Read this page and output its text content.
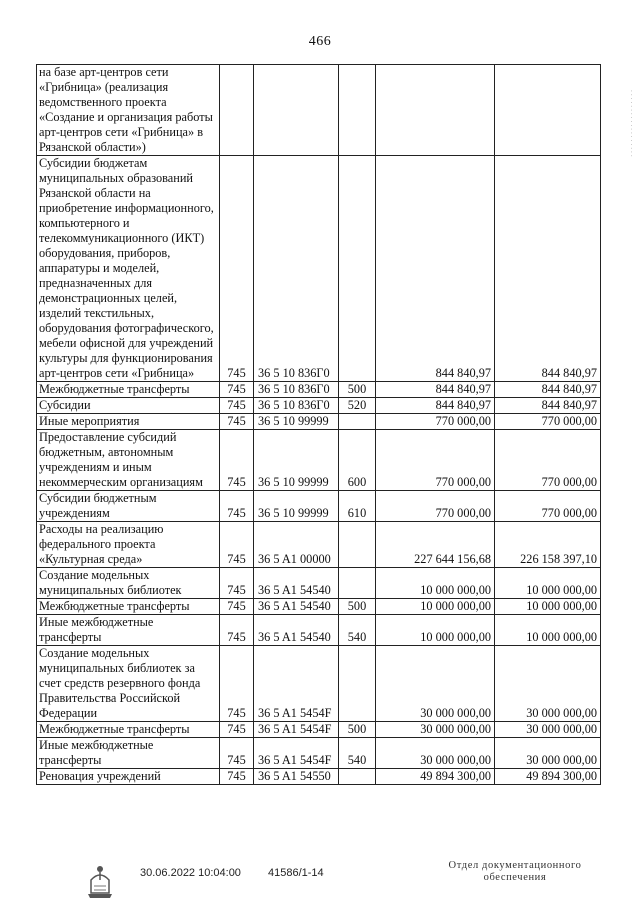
466
на базе арт-центров сети «Грибница» (реализация ведомственного проекта «Создание и организация работы арт-центров сети «Грибница» в Рязанской области»)					
Субсидии бюджетам муниципальных образований Рязанской области на приобретение информационного, компьютерного и телекоммуникационного (ИКТ) оборудования, приборов, аппаратуры и моделей, предназначенных для демонстрационных целей, изделий текстильных, оборудования фотографического, мебели офисной для учреждений культуры для функционирования арт-центров сети «Грибница»	745	36 5 10 836Г0		844 840,97	844 840,97
Межбюджетные трансферты	745	36 5 10 836Г0	500	844 840,97	844 840,97
Субсидии	745	36 5 10 836Г0	520	844 840,97	844 840,97
Иные мероприятия	745	36 5 10 99999		770 000,00	770 000,00
Предоставление субсидий бюджетным, автономным учреждениям и иным некоммерческим организациям	745	36 5 10 99999	600	770 000,00	770 000,00
Субсидии бюджетным учреждениям	745	36 5 10 99999	610	770 000,00	770 000,00
Расходы на реализацию федерального проекта «Культурная среда»	745	36 5 A1 00000		227 644 156,68	226 158 397,10
Создание модельных муниципальных библиотек	745	36 5 A1 54540		10 000 000,00	10 000 000,00
Межбюджетные трансферты	745	36 5 A1 54540	500	10 000 000,00	10 000 000,00
Иные межбюджетные трансферты	745	36 5 A1 54540	540	10 000 000,00	10 000 000,00
Создание модельных муниципальных библиотек за счет средств резервного фонда Правительства Российской Федерации	745	36 5 A1 5454F		30 000 000,00	30 000 000,00
Межбюджетные трансферты	745	36 5 A1 5454F	500	30 000 000,00	30 000 000,00
Иные межбюджетные трансферты	745	36 5 A1 5454F	540	30 000 000,00	30 000 000,00
Реновация учреждений	745	36 5 A1 54550		49 894 300,00	49 894 300,00
· · · · · · · · · · · · · · · · · ·
30.06.2022 10:04:00 41586/1-14
Отдел документационного
обеспечения
